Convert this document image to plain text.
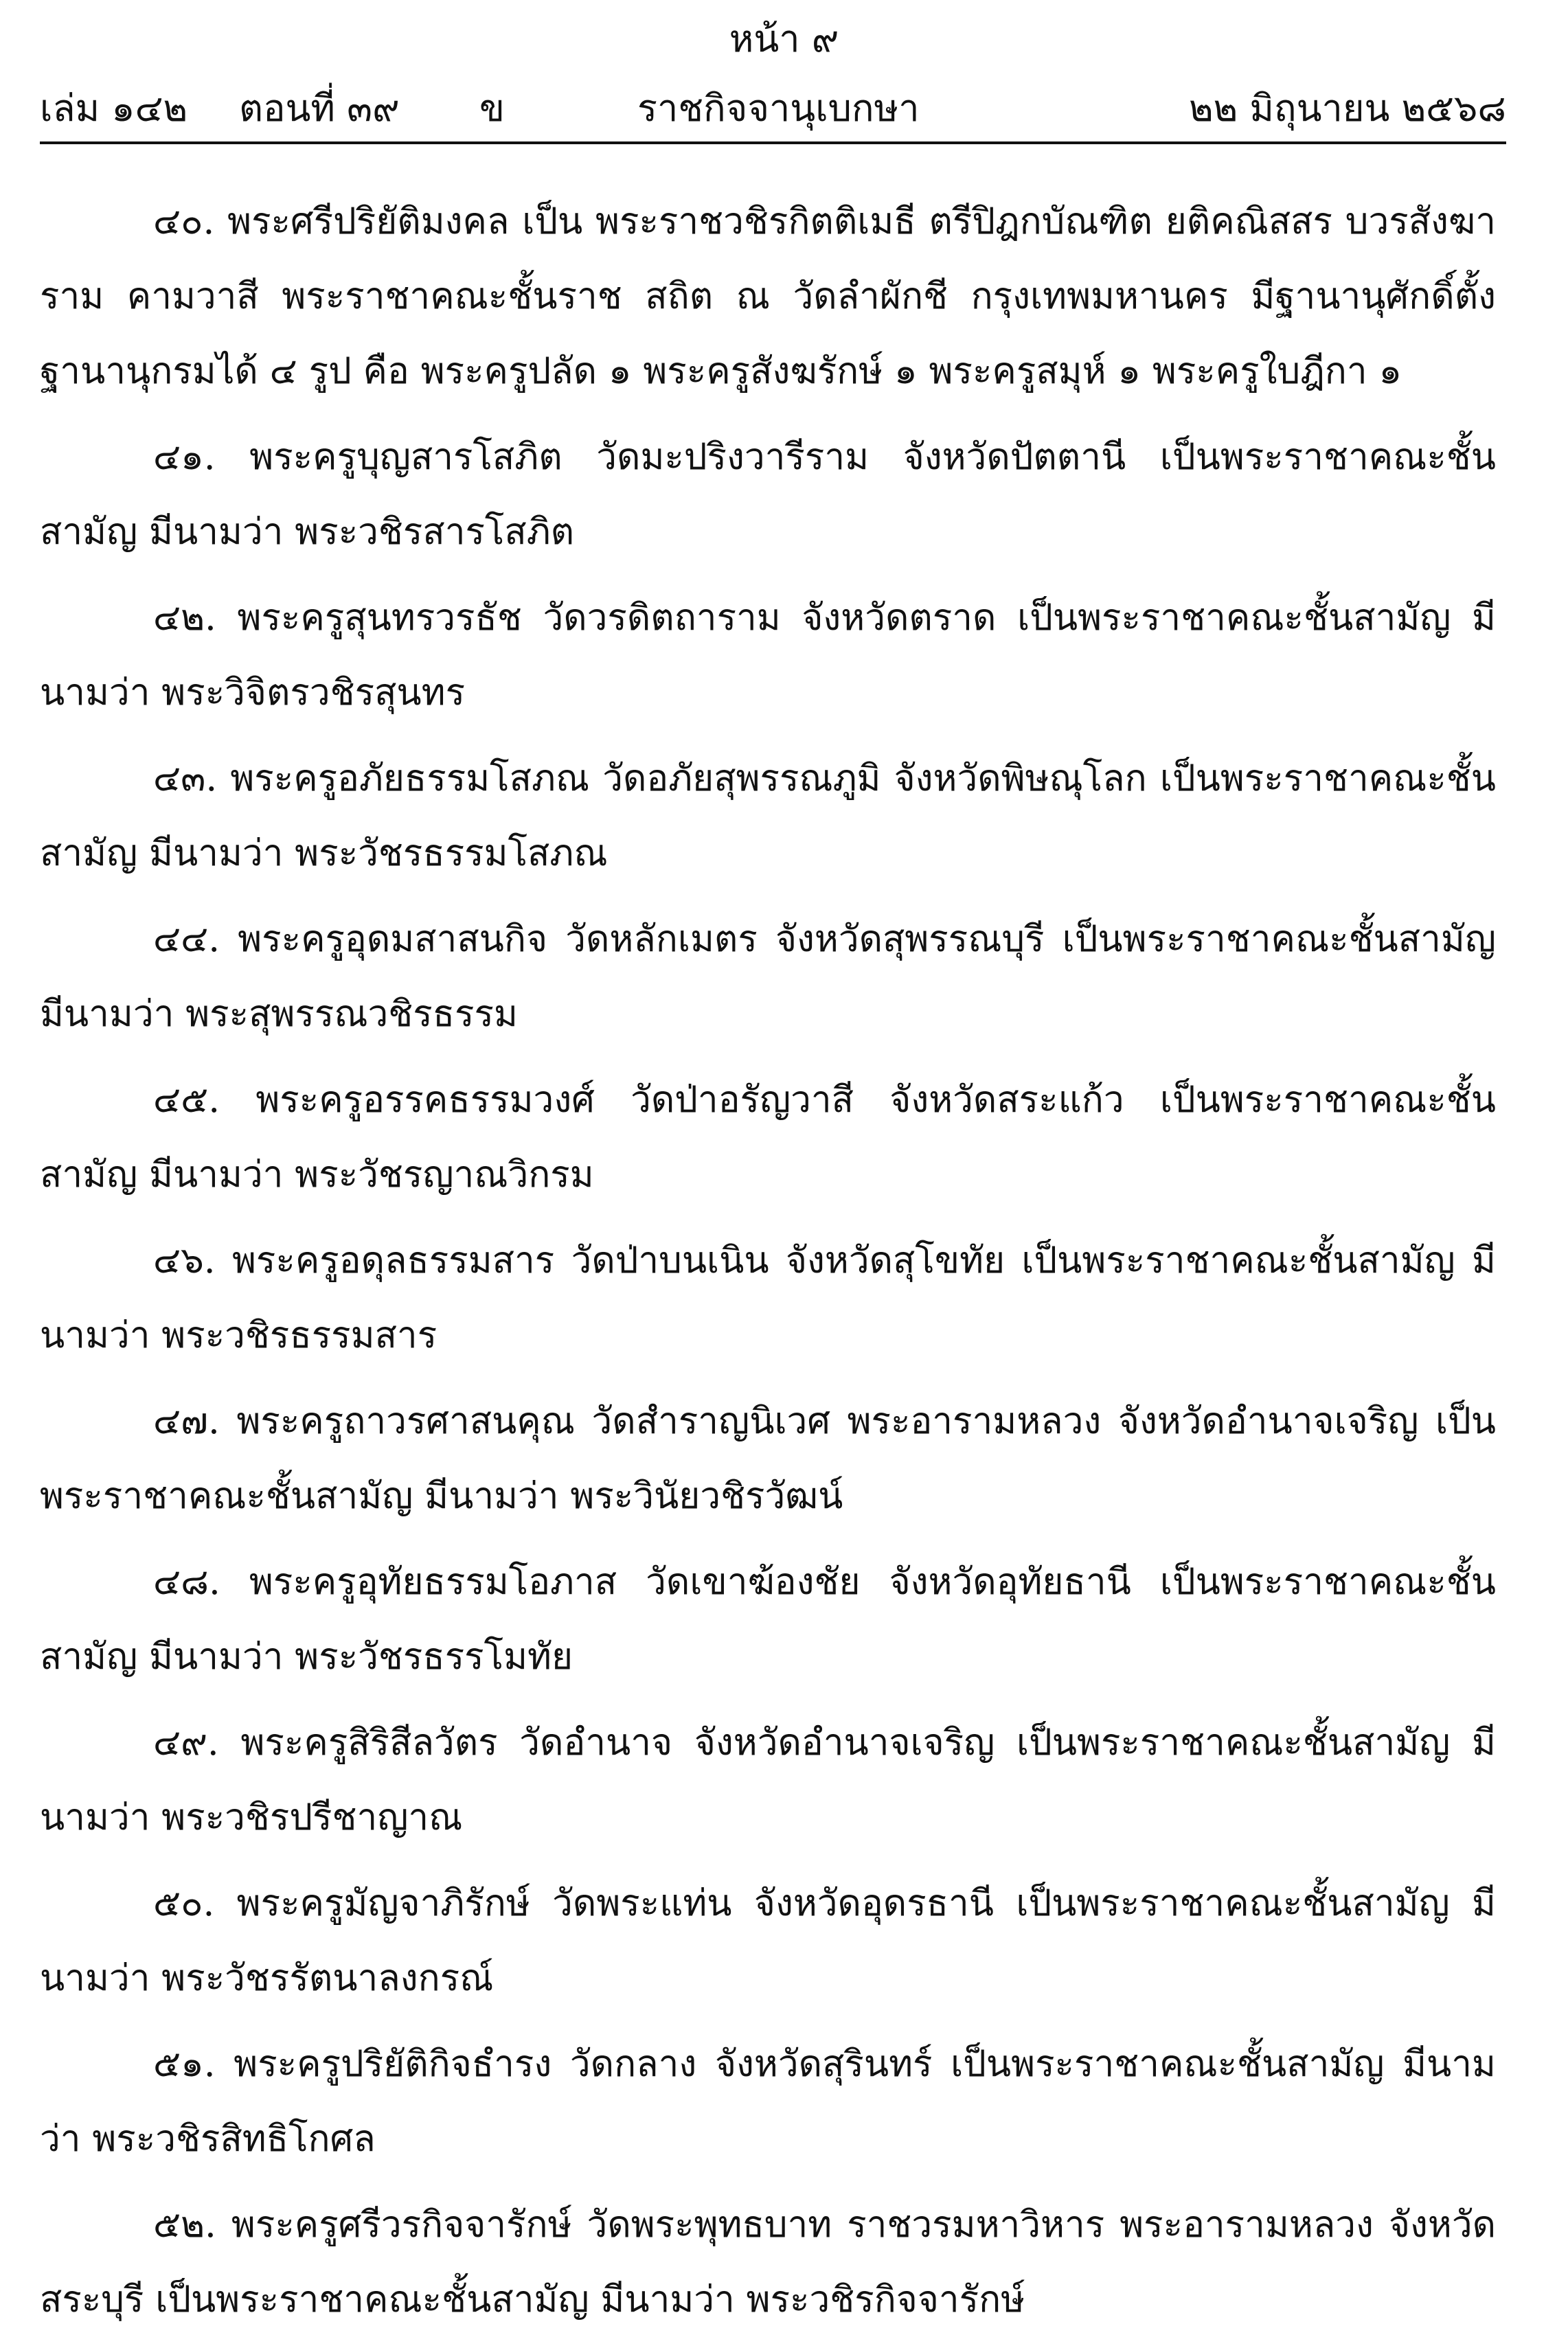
หน้า ๙
เล่ม ๑๔๒ ตอนที่ ๓๙ ข	ราชกิจจานุเบกษา	๒๒ มิถุนายน ๒๕๖๘

๔๐. พระศรีปริยัติมงคล เป็น พระราชวชิรกิตติเมธี ตรีปิฎกบัณฑิต ยติคณิสสร บวรสังฆาราม คามวาสี พระราชาคณะชั้นราช สถิต ณ วัดลำผักชี กรุงเทพมหานคร มีฐานานุศักดิ์ตั้งฐานานุกรมได้ ๔ รูป คือ พระครูปลัด ๑ พระครูสังฆรักษ์ ๑ พระครูสมุห์ ๑ พระครูใบฎีกา ๑

๔๑. พระครูบุญสารโสภิต วัดมะปริงวารีราม จังหวัดปัตตานี เป็นพระราชาคณะชั้นสามัญ มีนามว่า พระวชิรสารโสภิต

๔๒. พระครูสุนทรวรธัช วัดวรดิตถาราม จังหวัดตราด เป็นพระราชาคณะชั้นสามัญ มีนามว่า พระวิจิตรวชิรสุนทร

๔๓. พระครูอภัยธรรมโสภณ วัดอภัยสุพรรณภูมิ จังหวัดพิษณุโลก เป็นพระราชาคณะชั้นสามัญ มีนามว่า พระวัชรธรรมโสภณ

๔๔. พระครูอุดมสาสนกิจ วัดหลักเมตร จังหวัดสุพรรณบุรี เป็นพระราชาคณะชั้นสามัญ มีนามว่า พระสุพรรณวชิรธรรม

๔๕. พระครูอรรคธรรมวงศ์ วัดป่าอรัญวาสี จังหวัดสระแก้ว เป็นพระราชาคณะชั้นสามัญ มีนามว่า พระวัชรญาณวิกรม

๔๖. พระครูอดุลธรรมสาร วัดป่าบนเนิน จังหวัดสุโขทัย เป็นพระราชาคณะชั้นสามัญ มีนามว่า พระวชิรธรรมสาร

๔๗. พระครูถาวรศาสนคุณ วัดสำราญนิเวศ พระอารามหลวง จังหวัดอำนาจเจริญ เป็นพระราชาคณะชั้นสามัญ มีนามว่า พระวินัยวชิรวัฒน์

๔๘. พระครูอุทัยธรรมโอภาส วัดเขาฆ้องชัย จังหวัดอุทัยธานี เป็นพระราชาคณะชั้นสามัญ มีนามว่า พระวัชรธรรโมทัย

๔๙. พระครูสิริสีลวัตร วัดอำนาจ จังหวัดอำนาจเจริญ เป็นพระราชาคณะชั้นสามัญ มีนามว่า พระวชิรปรีชาญาณ

๕๐. พระครูมัญจาภิรักษ์ วัดพระแท่น จังหวัดอุดรธานี เป็นพระราชาคณะชั้นสามัญ มีนามว่า พระวัชรรัตนาลงกรณ์

๕๑. พระครูปริยัติกิจธำรง วัดกลาง จังหวัดสุรินทร์ เป็นพระราชาคณะชั้นสามัญ มีนามว่า พระวชิรสิทธิโกศล

๕๒. พระครูศรีวรกิจจารักษ์ วัดพระพุทธบาท ราชวรมหาวิหาร พระอารามหลวง จังหวัดสระบุรี เป็นพระราชาคณะชั้นสามัญ มีนามว่า พระวชิรกิจจารักษ์
